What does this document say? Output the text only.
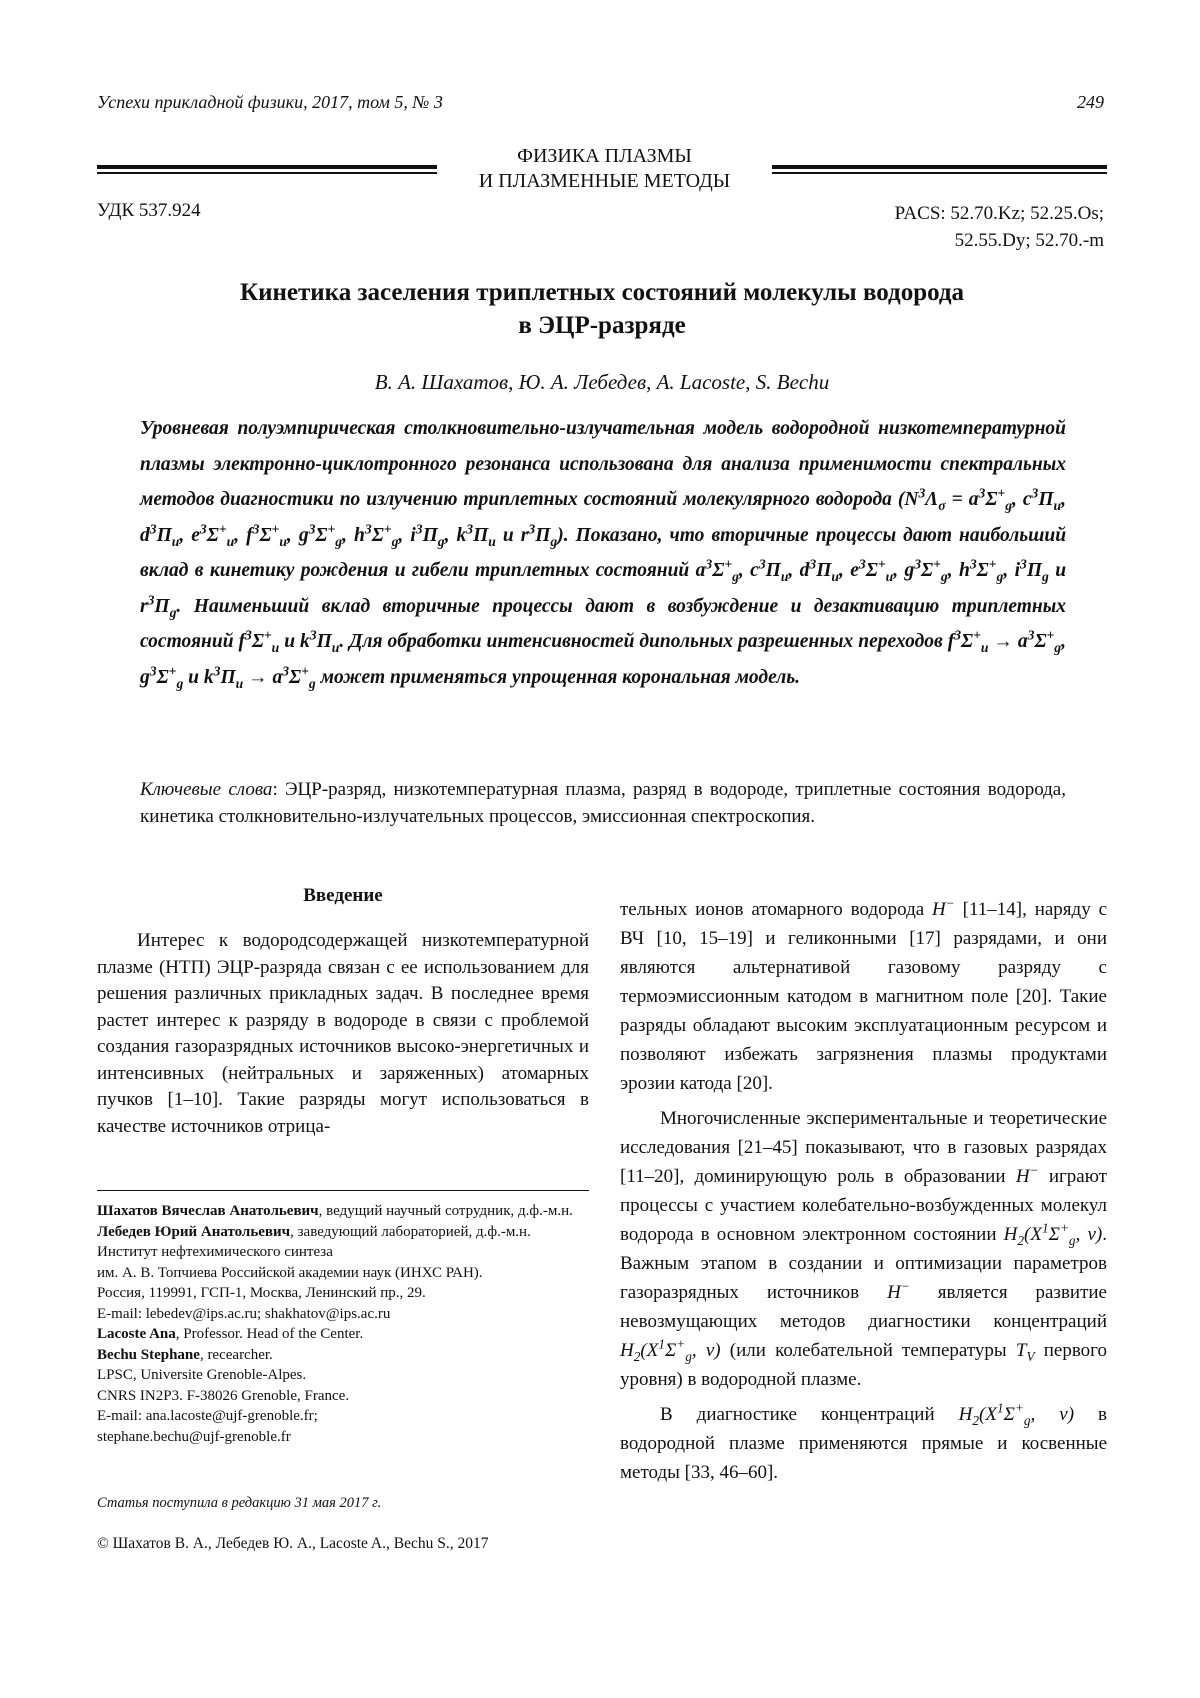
Успехи прикладной физики, 2017, том 5, № 3	249
ФИЗИКА ПЛАЗМЫ
И ПЛАЗМЕННЫЕ МЕТОДЫ
УДК 537.924	PACS: 52.70.Kz; 52.25.Os;
52.55.Dy; 52.70.-m
Кинетика заселения триплетных состояний молекулы водорода
в ЭЦР-разряде
В. А. Шахатов, Ю. А. Лебедев, A. Lacoste, S. Bechu

Уровневая полуэмпирическая столкновительно-излучательная модель водородной низкотемпературной плазмы электронно-циклотронного резонанса использована для анализа применимости спектральных методов диагностики по излучению триплетных состояний молекулярного водорода ($N^3\Lambda_\sigma = a^3\Sigma^+_g$, $c^3\Pi_u$, $d^3\Pi_u$, $e^3\Sigma^+_u$, $f^3\Sigma^+_u$, $g^3\Sigma^+_g$, $h^3\Sigma^+_g$, $i^3\Pi_g$, $k^3\Pi_u$ и $r^3\Pi_g$). Показано, что вторичные процессы дают наибольший вклад в кинетику рождения и гибели триплетных состояний $a^3\Sigma^+_g$, $c^3\Pi_u$, $d^3\Pi_u$, $e^3\Sigma^+_u$, $g^3\Sigma^+_g$, $h^3\Sigma^+_g$, $i^3\Pi_g$ и $r^3\Pi_g$. Наименьший вклад вторичные процессы дают в возбуждение и дезактивацию триплетных состояний $f^3\Sigma^+_u$ и $k^3\Pi_u$. Для обработки интенсивностей дипольных разрешенных переходов $f^3\Sigma^+_u \to a^3\Sigma^+_g$, $g^3\Sigma^+_g$ и $k^3\Pi_u \to a^3\Sigma^+_g$ может применяться упрощенная корональная модель.

Ключевые слова: ЭЦР-разряд, низкотемпературная плазма, разряд в водороде, триплетные состояния водорода, кинетика столкновительно-излучательных процессов, эмиссионная спектроскопия.
Введение

Интерес к водородсодержащей низкотемпературной плазме (НТП) ЭЦР-разряда связан с ее использованием для решения различных прикладных задач. В последнее время растет интерес к разряду в водороде в связи с проблемой создания газоразрядных источников высоко-энергетичных и интенсивных (нейтральных и заряженных) атомарных пучков [1–10]. Такие разряды могут использоваться в качестве источников отрица-

тельных ионов атомарного водорода H− [11–14], наряду с ВЧ [10, 15–19] и геликонными [17] разрядами, и они являются альтернативой газовому разряду с термоэмиссионным катодом в магнитном поле [20]. Такие разряды обладают высоким эксплуатационным ресурсом и позволяют избежать загрязнения плазмы продуктами эрозии катода [20].

Многочисленные экспериментальные и теоретические исследования [21–45] показывают, что в газовых разрядах [11–20], доминирующую роль в образовании H− играют процессы с участием колебательно-возбужденных молекул водорода в основном электронном состоянии $H_2(X^1\Sigma^+_g$, v). Важным этапом в создании и оптимизации параметров газоразрядных источников H− является развитие невозмущающих методов диагностики концентраций $H_2(X^1\Sigma^+_g$, v) (или колебательной температуры $T_V$ первого уровня) в водородной плазме.

В диагностике концентраций $H_2(X^1\Sigma^+_g$, v) в водородной плазме применяются прямые и косвенные методы [33, 46–60].

Шахатов Вячеслав Анатольевич, ведущий научный сотрудник, д.ф.-м.н.
Лебедев Юрий Анатольевич, заведующий лабораторией, д.ф.-м.н.
Институт нефтехимического синтеза
им. А. В. Топчиева Российской академии наук (ИНХС РАН).
Россия, 119991, ГСП-1, Москва, Ленинский пр., 29.
E-mail: lebedev@ips.ac.ru; shakhatov@ips.ac.ru
Lacoste Ana, Professor. Head of the Center.
Bechu Stephane, recearcher.
LPSC, Universite Grenoble-Alpes.
CNRS IN2P3. F-38026 Grenoble, France.
E-mail: ana.lacoste@ujf-grenoble.fr;
stephane.bechu@ujf-grenoble.fr
Статья поступила в редакцию 31 мая 2017 г.
© Шахатов В. А., Лебедев Ю. А., Lacoste A., Bechu S., 2017
